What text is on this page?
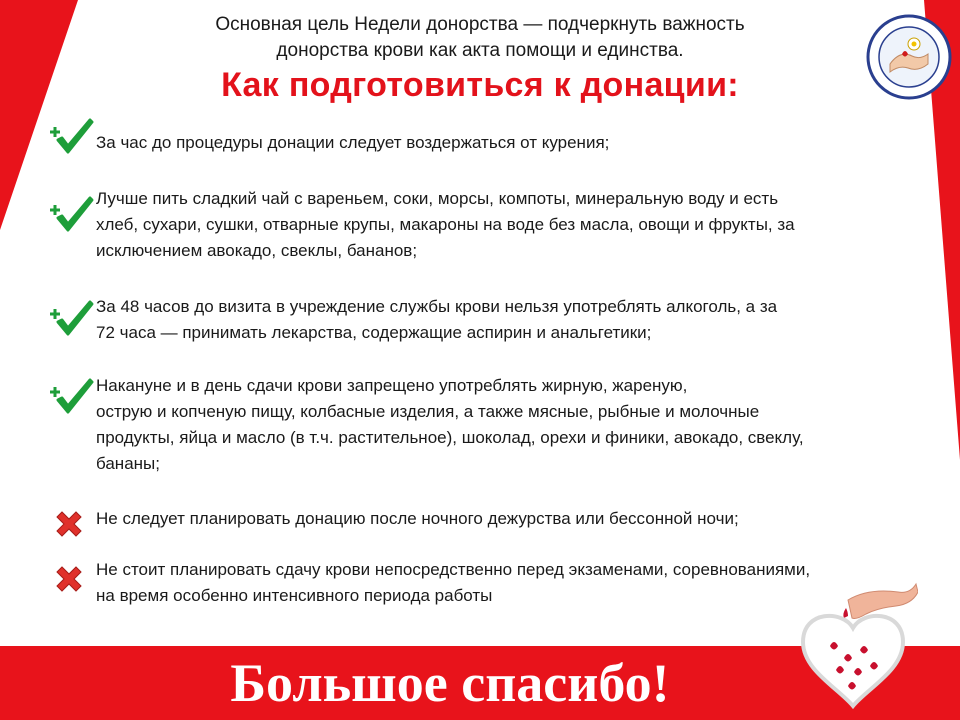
Основная цель Недели донорства — подчеркнуть важность
донорства крови как акта помощи и единства.
Как подготовиться к донации:
За час до процедуры донации следует воздержаться от курения;
Лучше пить сладкий чай с вареньем, соки, морсы, компоты, минеральную воду и есть
хлеб, сухари, сушки, отварные крупы, макароны на воде без масла, овощи и фрукты, за
исключением авокадо, свеклы, бананов;
За 48 часов до визита в учреждение службы крови нельзя употреблять алкоголь, а за
72 часа — принимать лекарства, содержащие аспирин и анальгетики;
Накануне и в день сдачи крови запрещено употреблять жирную, жареную,
острую и копченую пищу, колбасные изделия, а также мясные, рыбные и молочные
продукты, яйца и масло (в т.ч. растительное), шоколад, орехи и финики, авокадо, свеклу,
бананы;
Не следует планировать донацию после ночного дежурства или бессонной ночи;
Не стоит планировать сдачу крови непосредственно перед экзаменами, соревнованиями,
на время особенно интенсивного периода работы
Большое спасибо!
